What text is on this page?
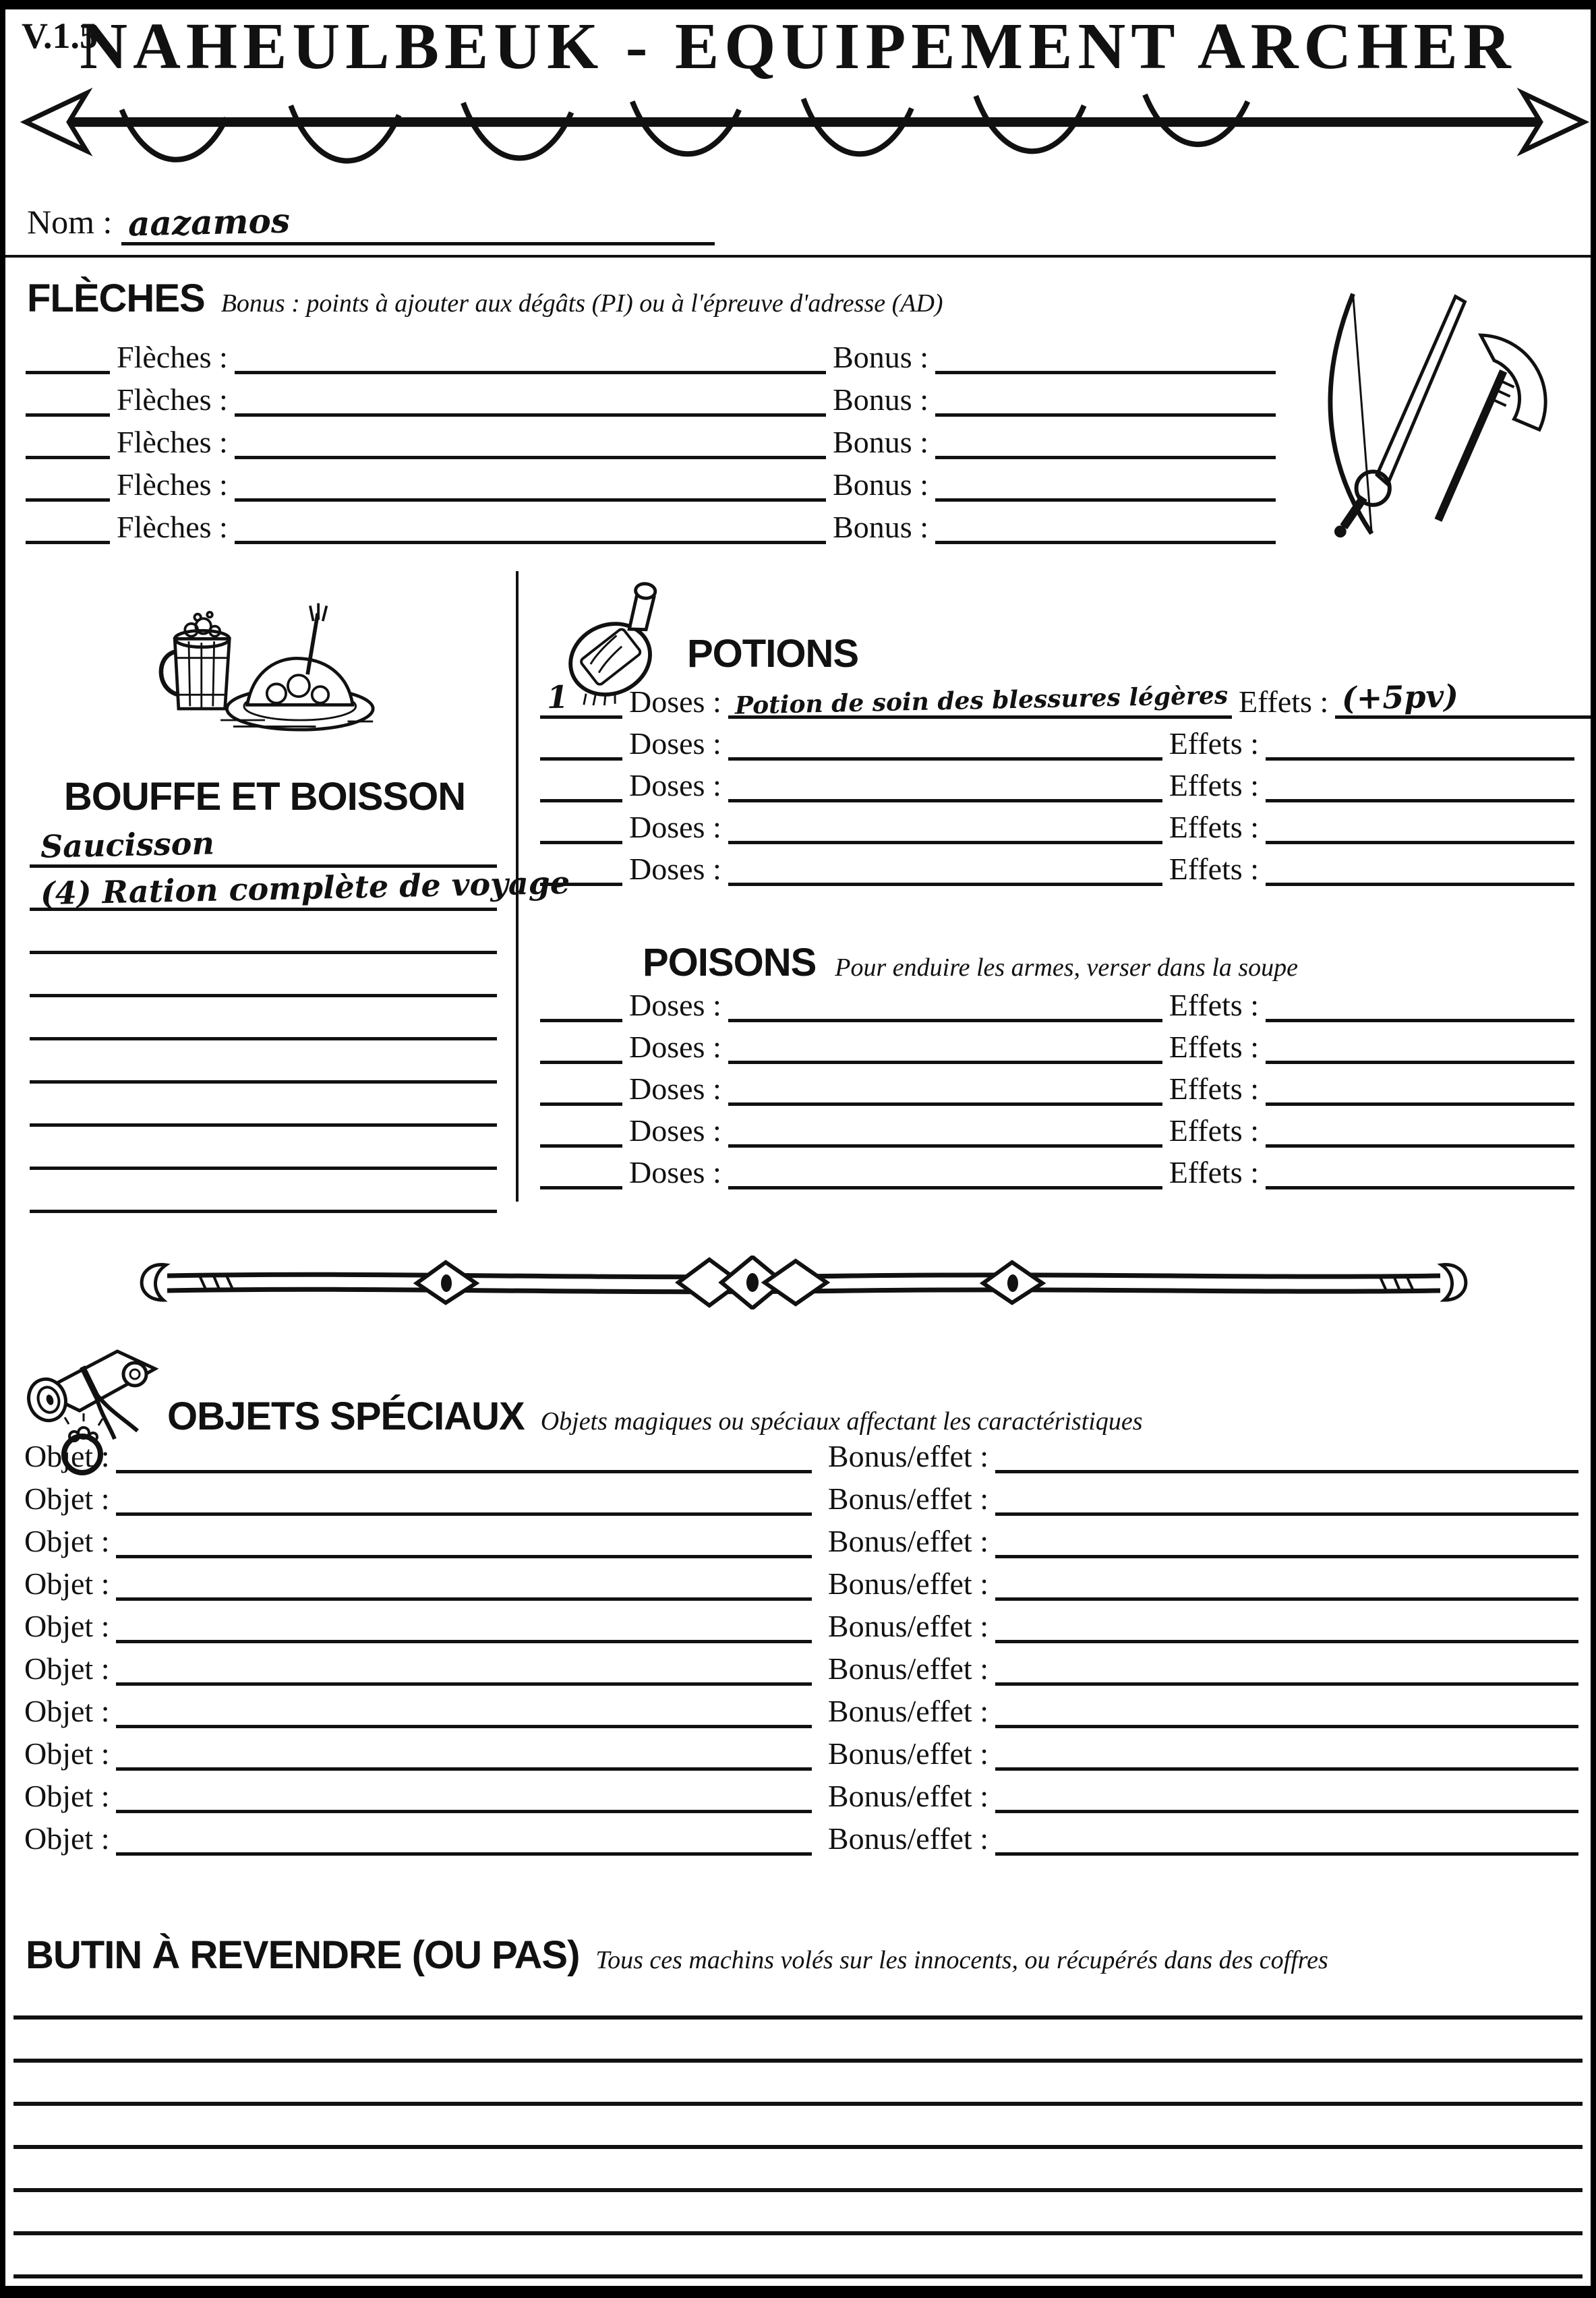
V.1.5
NAHEULBEUK - EQUIPEMENT ARCHER
Nom : aazamos
FLÈCHES Bonus : points à ajouter aux dégâts (PI) ou à l'épreuve d'adresse (AD)
Flèches :	Bonus :
Flèches :	Bonus :
Flèches :	Bonus :
Flèches :	Bonus :
Flèches :	Bonus :
BOUFFE ET BOISSON
Saucisson
(4) Ration complète de voyage
POTIONS
1 Doses : Potion de soin des blessures légères Effets : (+5pv)
Doses :	Effets :
Doses :	Effets :
Doses :	Effets :
Doses :	Effets :
POISONS Pour enduire les armes, verser dans la soupe
Doses :	Effets :
Doses :	Effets :
Doses :	Effets :
Doses :	Effets :
Doses :	Effets :
OBJETS SPÉCIAUX Objets magiques ou spéciaux affectant les caractéristiques
Objet :	Bonus/effet :
Objet :	Bonus/effet :
Objet :	Bonus/effet :
Objet :	Bonus/effet :
Objet :	Bonus/effet :
Objet :	Bonus/effet :
Objet :	Bonus/effet :
Objet :	Bonus/effet :
Objet :	Bonus/effet :
Objet :	Bonus/effet :
BUTIN À REVENDRE (OU PAS) Tous ces machins volés sur les innocents, ou récupérés dans des coffres
